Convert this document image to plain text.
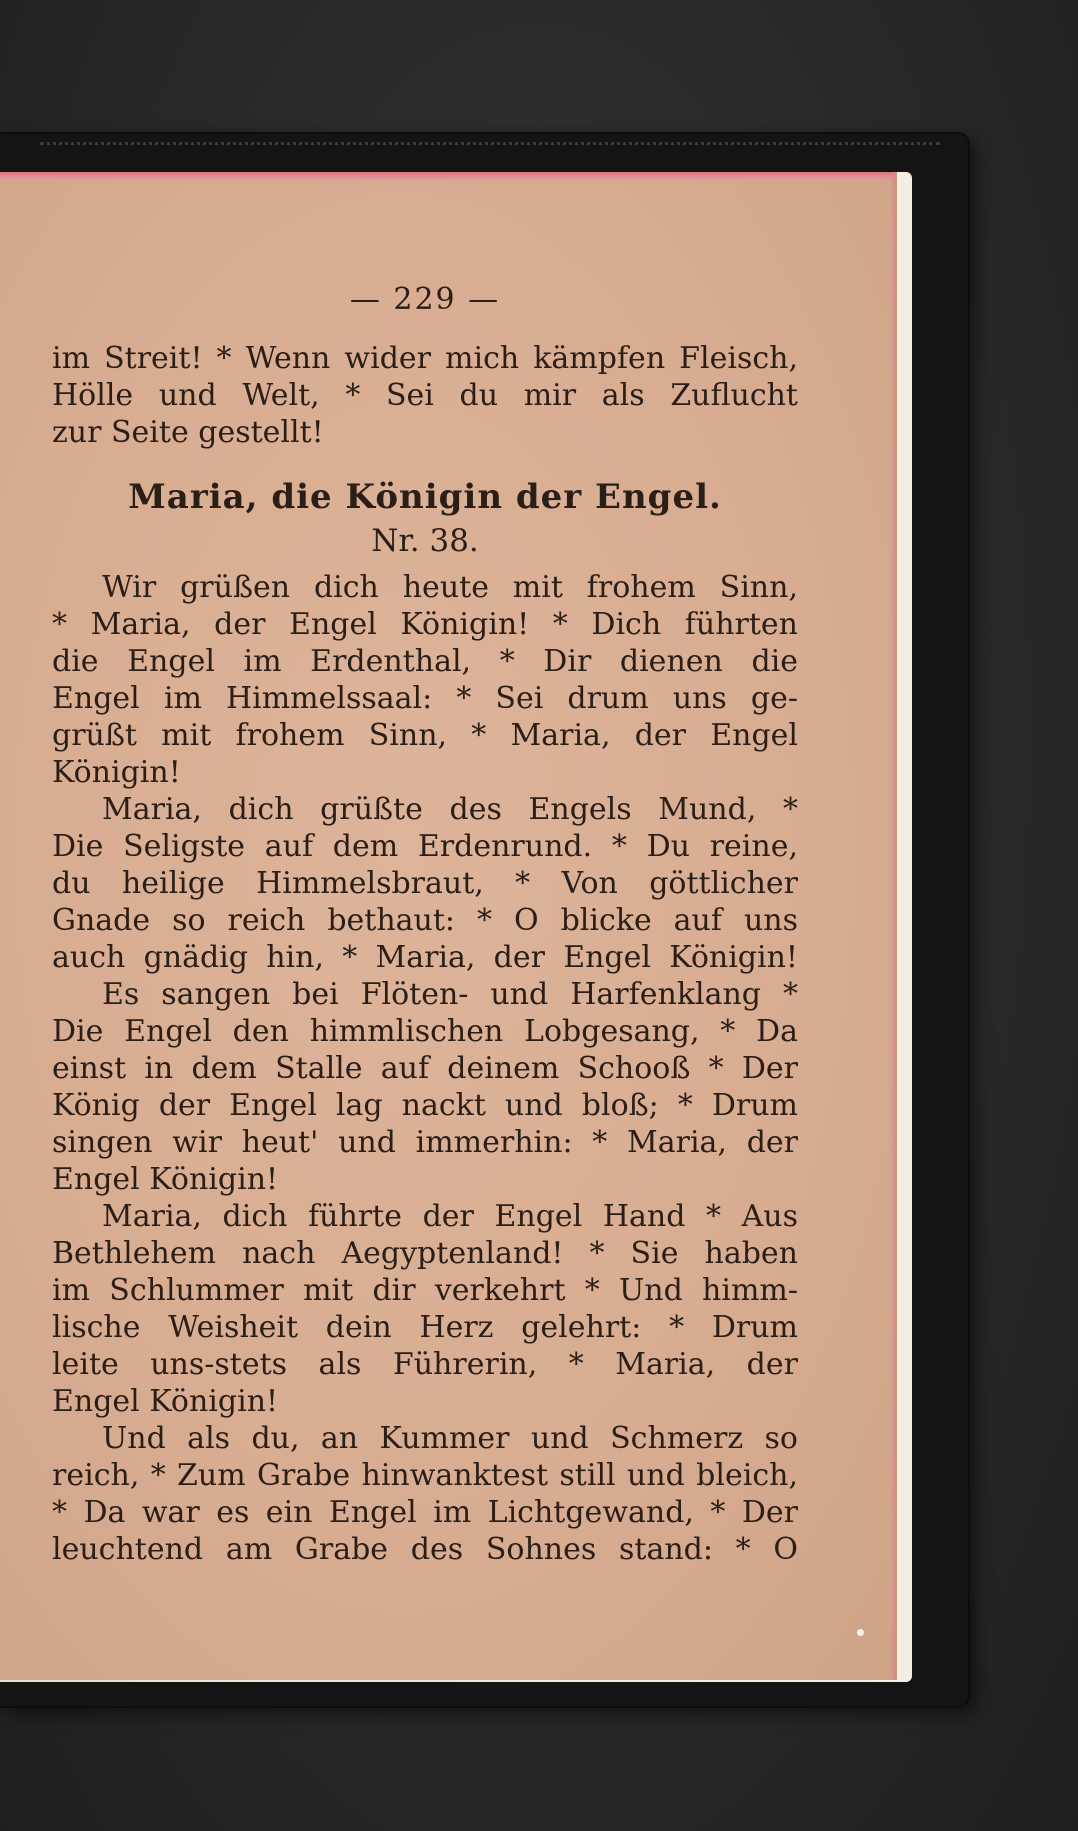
— 229 —
im Streit! * Wenn wider mich kämpfen Fleisch,
Hölle und Welt, * Sei du mir als Zuflucht
zur Seite gestellt!
Maria, die Königin der Engel.
Nr. 38.
Wir grüßen dich heute mit frohem Sinn,
* Maria, der Engel Königin! * Dich führten
die Engel im Erdenthal, * Dir dienen die
Engel im Himmelssaal: * Sei drum uns ge-
grüßt mit frohem Sinn, * Maria, der Engel
Königin!
Maria, dich grüßte des Engels Mund, *
Die Seligste auf dem Erdenrund. * Du reine,
du heilige Himmelsbraut, * Von göttlicher
Gnade so reich bethaut: * O blicke auf uns
auch gnädig hin, * Maria, der Engel Königin!
Es sangen bei Flöten- und Harfenklang *
Die Engel den himmlischen Lobgesang, * Da
einst in dem Stalle auf deinem Schooß * Der
König der Engel lag nackt und bloß; * Drum
singen wir heut' und immerhin: * Maria, der
Engel Königin!
Maria, dich führte der Engel Hand * Aus
Bethlehem nach Aegyptenland! * Sie haben
im Schlummer mit dir verkehrt * Und himm-
lische Weisheit dein Herz gelehrt: * Drum
leite uns-stets als Führerin, * Maria, der
Engel Königin!
Und als du, an Kummer und Schmerz so
reich, * Zum Grabe hinwanktest still und bleich,
* Da war es ein Engel im Lichtgewand, * Der
leuchtend am Grabe des Sohnes stand: * O
